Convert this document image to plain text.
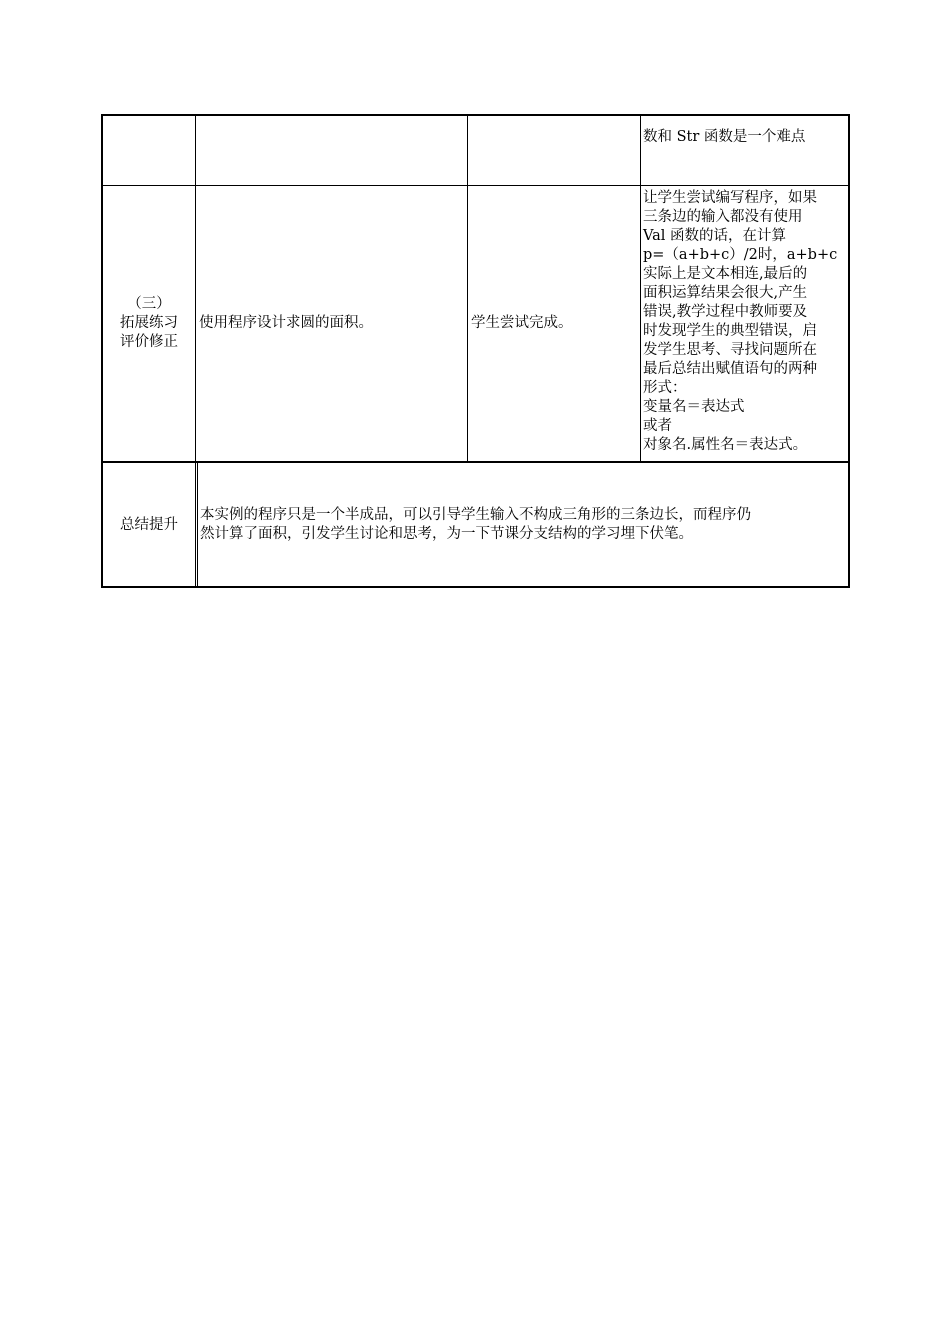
数和 Str 函数是一个难点
（三）
拓展练习
评价修正
使用程序设计求圆的面积。	学生尝试完成。
让学生尝试编写程序，如果
三条边的输入都没有使用
Val 函数的话，在计算
p=（a+b+c）/2时，a+b+c
实际上是文本相连,最后的
面积运算结果会很大,产生
错误,教学过程中教师要及
时发现学生的典型错误，启
发学生思考、寻找问题所在
最后总结出赋值语句的两种
形式：
变量名＝表达式
或者
对象名.属性名＝表达式。
总结提升
本实例的程序只是一个半成品，可以引导学生输入不构成三角形的三条边长，而程序仍
然计算了面积，引发学生讨论和思考，为一下节课分支结构的学习埋下伏笔。
